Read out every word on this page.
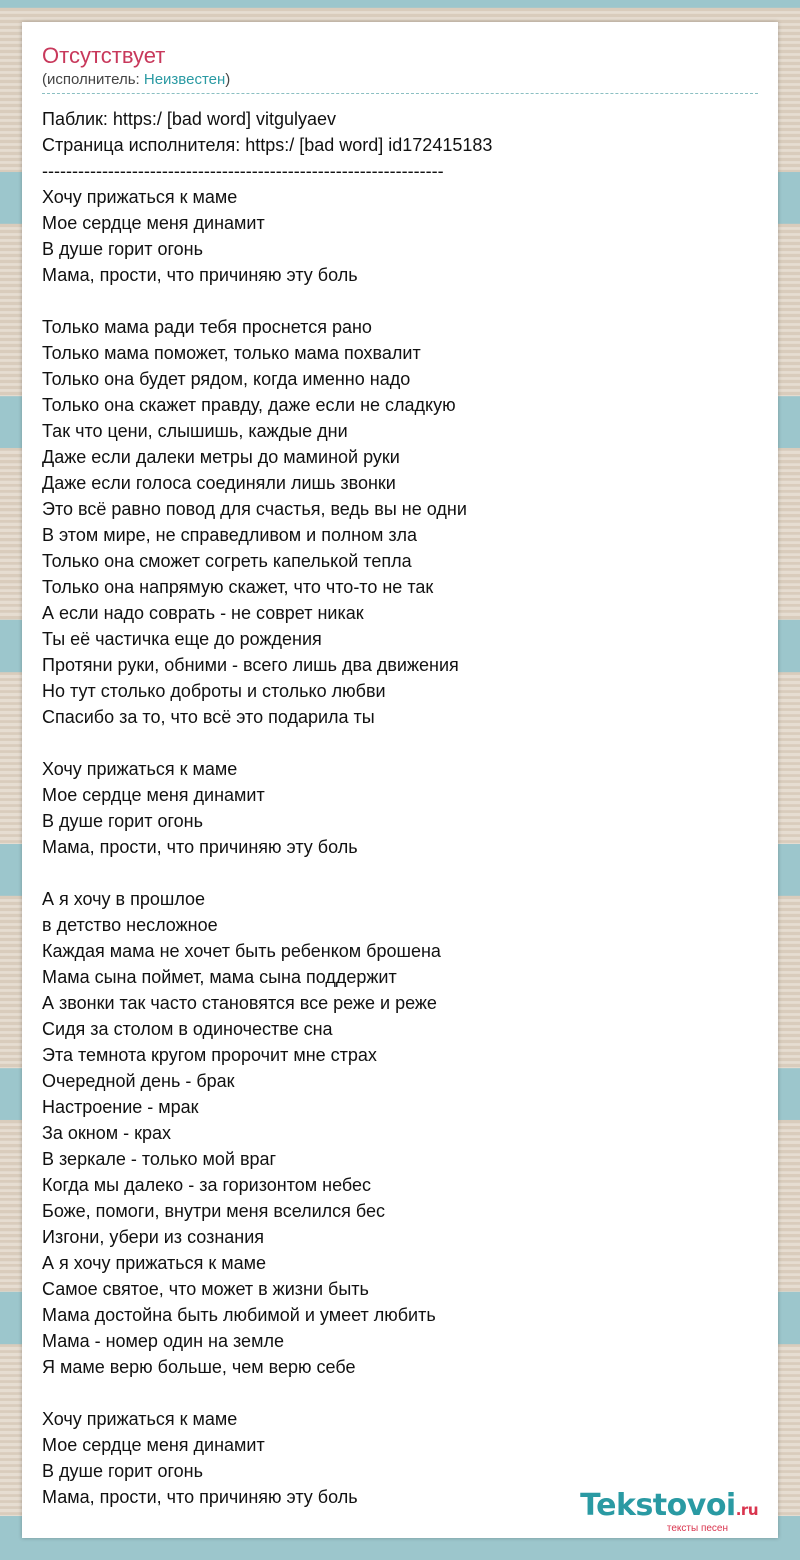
Отсутствует
(исполнитель: Неизвестен)
Паблик: https:/ [bad word] vitgulyaev
Страница исполнителя: https:/ [bad word] id172415183
-------------------------------------------------------------------
Хочу прижаться к маме
Мое сердце меня динамит
В душе горит огонь
Мама, прости, что причиняю эту боль
Только мама ради тебя проснется рано
Только мама поможет, только мама похвалит
Только она будет рядом, когда именно надо
Только она скажет правду, даже если не сладкую
Так что цени, слышишь, каждые дни
Даже если далеки метры до маминой руки
Даже если голоса соединяли лишь звонки
Это всё равно повод для счастья, ведь вы не одни
В этом мире, не справедливом и полном зла
Только она сможет согреть капелькой тепла
Только она напрямую скажет, что что-то не так
А если надо соврать - не соврет никак
Ты её частичка еще до рождения
Протяни руки, обними - всего лишь два движения
Но тут столько доброты и столько любви
Спасибо за то, что всё это подарила ты
Хочу прижаться к маме
Мое сердце меня динамит
В душе горит огонь
Мама, прости, что причиняю эту боль
А я хочу в прошлое
в детство несложное
Каждая мама не хочет быть ребенком брошена
Мама сына поймет, мама сына поддержит
А звонки так часто становятся все реже и реже
Сидя за столом в одиночестве сна
Эта темнота кругом пророчит мне страх
Очередной день - брак
Настроение - мрак
За окном - крах
В зеркале - только мой враг
Когда мы далеко - за горизонтом небес
Боже, помоги, внутри меня вселился бес
Изгони, убери из сознания
А я хочу прижаться к маме
Самое святое, что может в жизни быть
Мама достойна быть любимой и умеет любить
Мама - номер один на земле
Я маме верю больше, чем верю себе
Хочу прижаться к маме
Мое сердце меня динамит
В душе горит огонь
Мама, прости, что причиняю эту боль	Tekstovoi.ru
тексты песен
